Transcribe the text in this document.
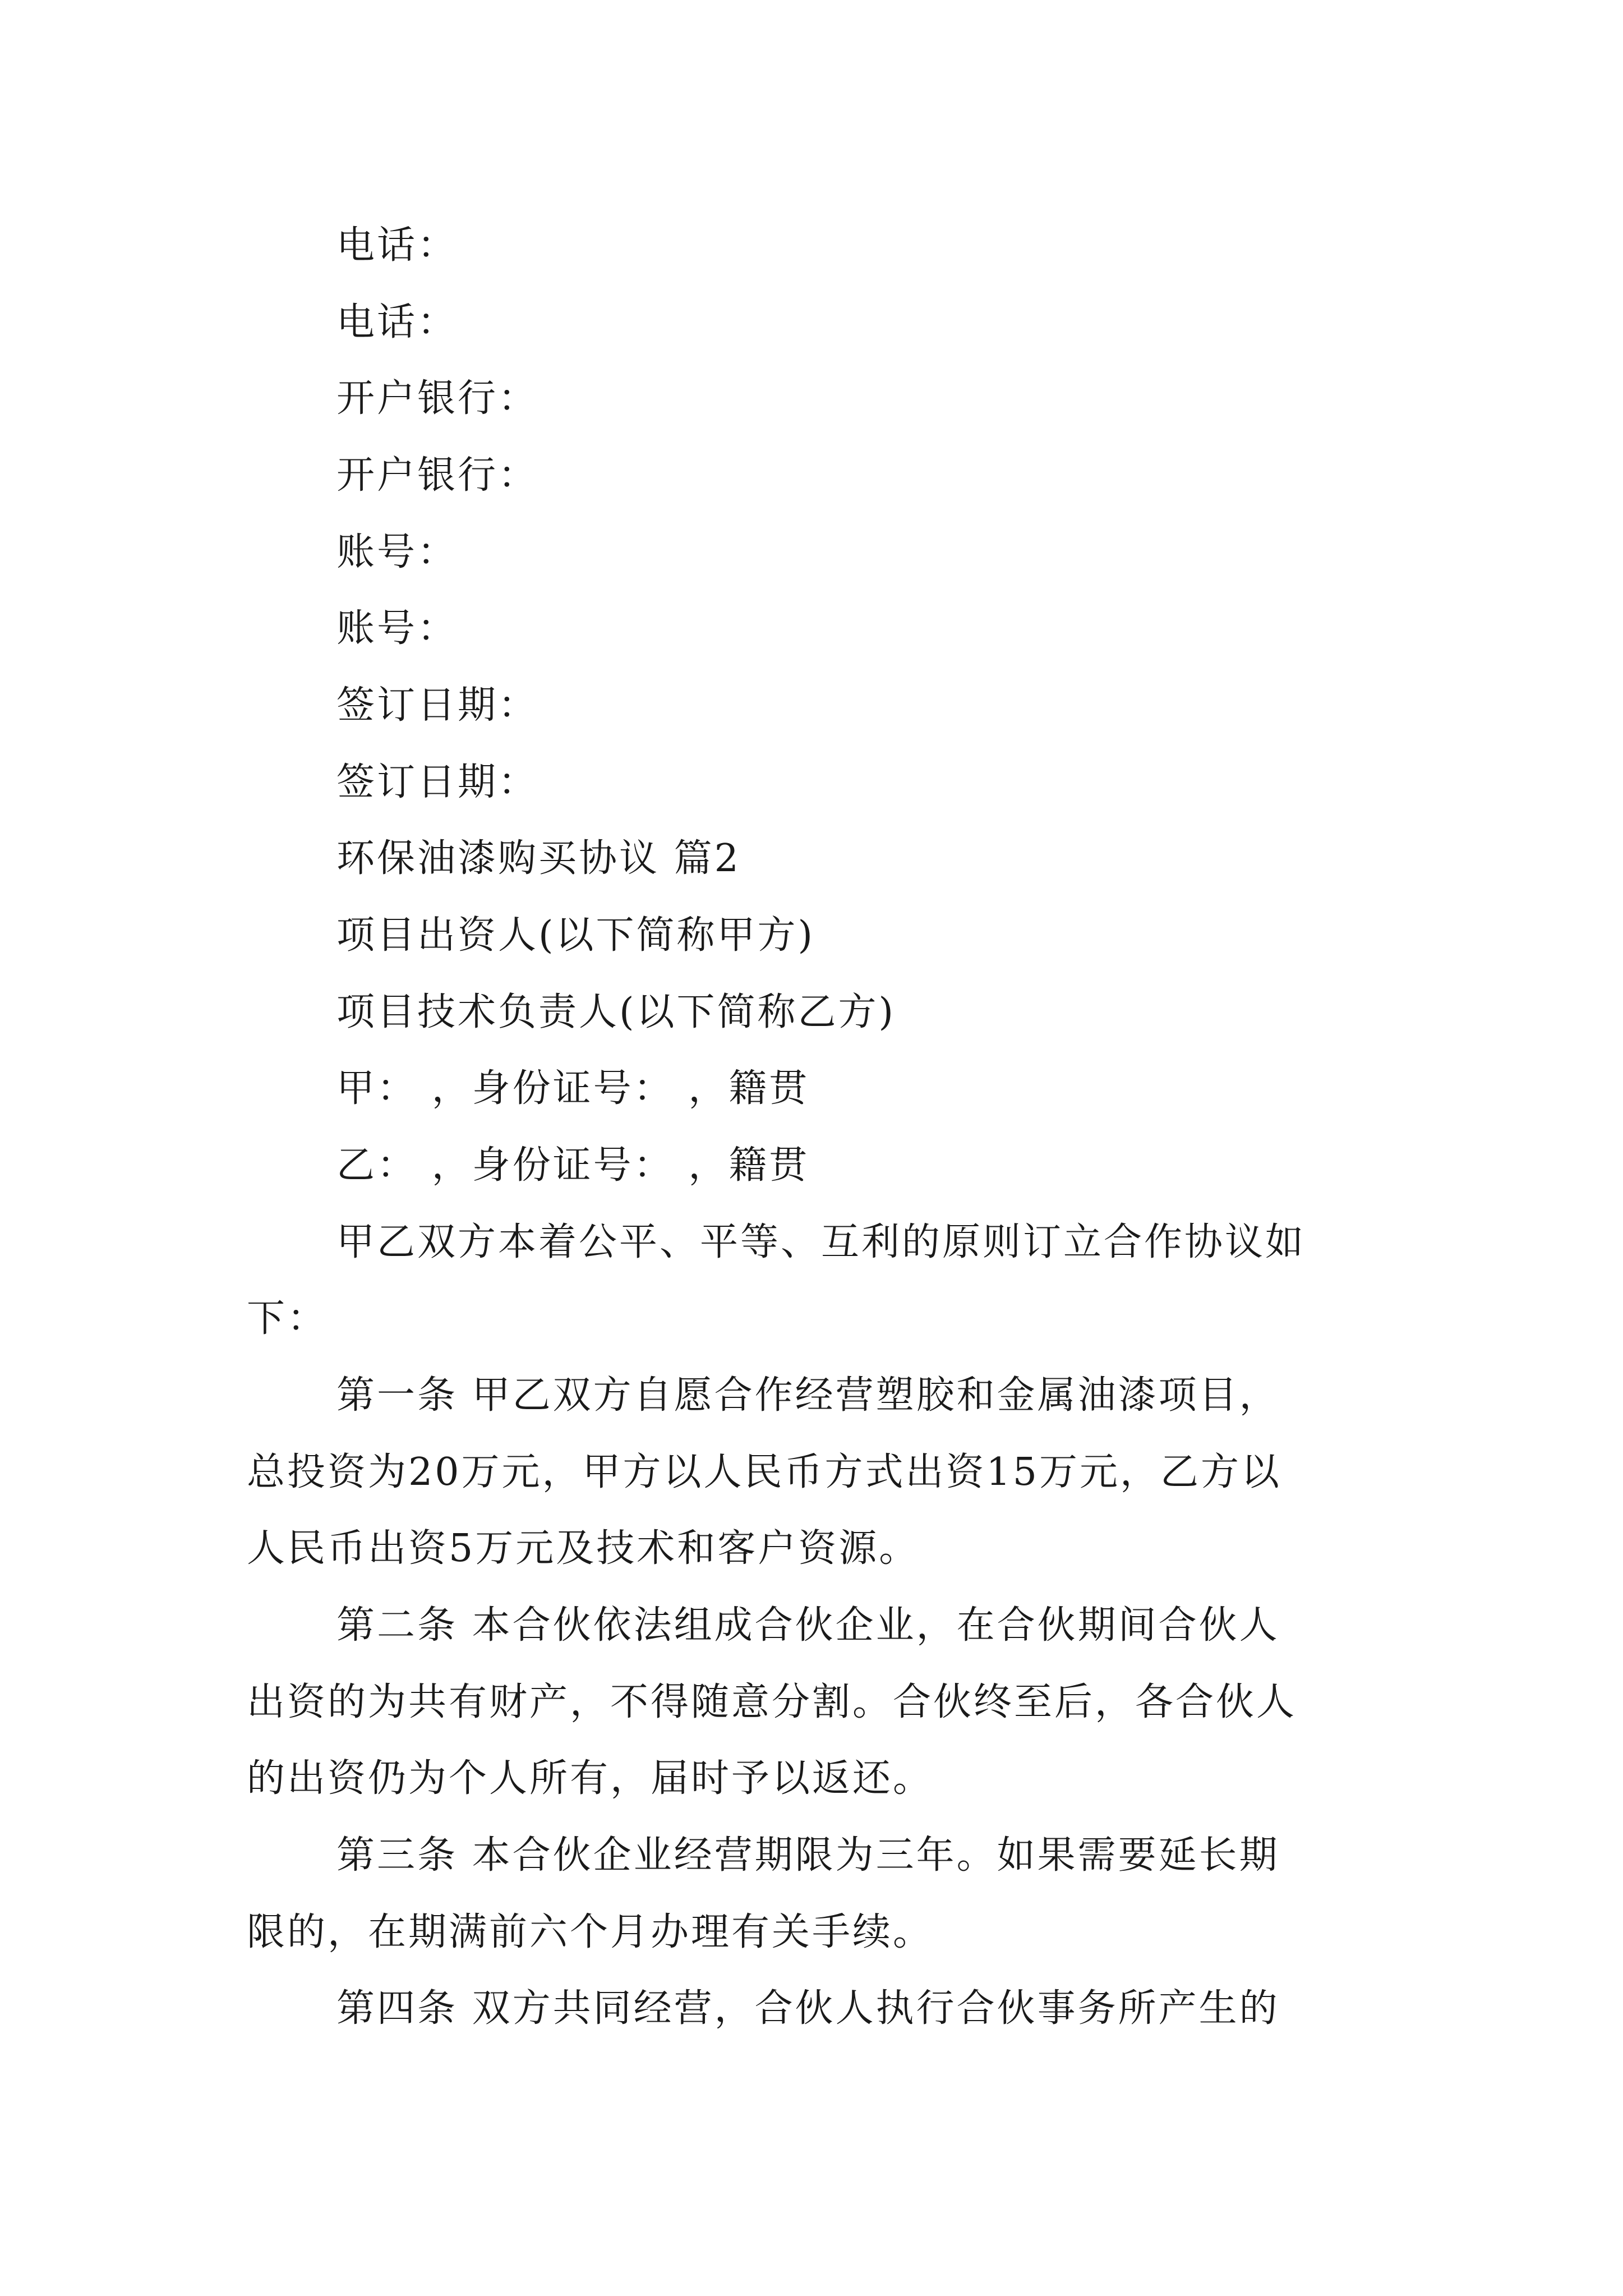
电话：
电话：
开户银行：
开户银行：
账号：
账号：
签订日期：
签订日期：
环保油漆购买协议 篇2
项目出资人(以下简称甲方)
项目技术负责人(以下简称乙方)
甲： ，身份证号： ，籍贯
乙： ，身份证号： ，籍贯
甲乙双方本着公平、平等、互利的原则订立合作协议如
下：
第一条 甲乙双方自愿合作经营塑胶和金属油漆项目，
总投资为20万元，甲方以人民币方式出资15万元，乙方以
人民币出资5万元及技术和客户资源。
第二条 本合伙依法组成合伙企业，在合伙期间合伙人
出资的为共有财产，不得随意分割。合伙终至后，各合伙人
的出资仍为个人所有，届时予以返还。
第三条 本合伙企业经营期限为三年。如果需要延长期
限的，在期满前六个月办理有关手续。
第四条 双方共同经营，合伙人执行合伙事务所产生的
